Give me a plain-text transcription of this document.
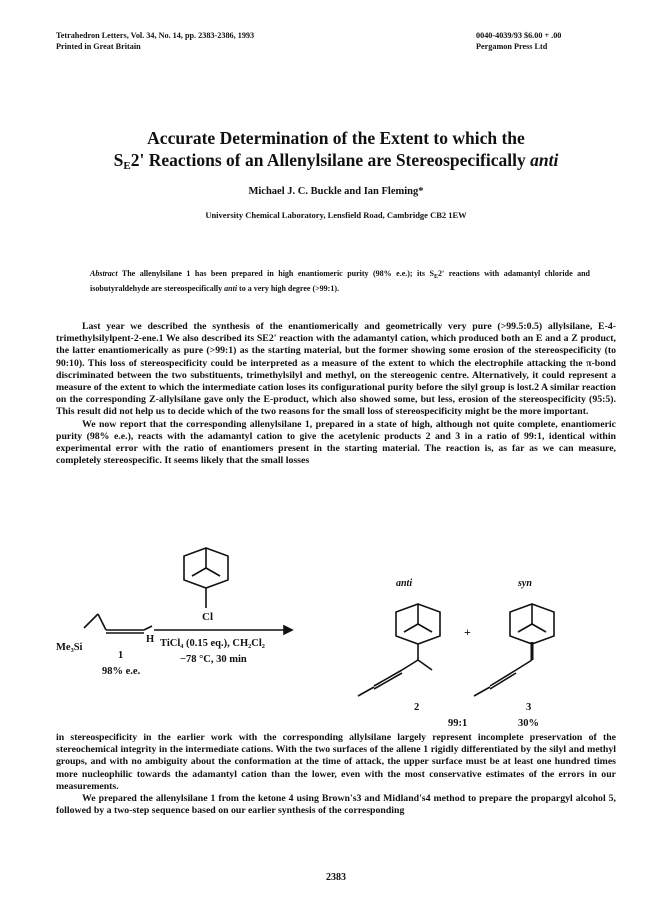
Tetrahedron Letters, Vol. 34, No. 14, pp. 2383-2386, 1993
Printed in Great Britain
0040-4039/93 $6.00 + .00
Pergamon Press Ltd
Accurate Determination of the Extent to which the
$S_E2'$ Reactions of an Allenylsilane are Stereospecifically anti
Michael J. C. Buckle and Ian Fleming*
University Chemical Laboratory, Lensfield Road, Cambridge CB2 1EW
Abstract The allenylsilane 1 has been prepared in high enantiomeric purity (98% e.e.); its $S_E2'$ reactions with adamantyl chloride and isobutyraldehyde are stereospecifically anti to a very high degree (>99:1).

Last year we described the synthesis of the enantiomerically and geometrically very pure (>99.5:0.5) allylsilane, E-4-trimethylsilylpent-2-ene.1 We also described its SE2' reaction with the adamantyl cation, which produced both an E and a Z product, the latter enantiomerically as pure (>99:1) as the starting material, but the former showing some erosion of the stereospecificity (to 90:10). This loss of stereospecificity could be interpreted as a measure of the extent to which the electrophile attacking the π-bond discriminated between the two substituents, trimethylsilyl and methyl, on the stereogenic centre. Alternatively, it could represent a measure of the extent to which the intermediate cation loses its configurational purity before the silyl group is lost.2 A similar reaction on the corresponding Z-allylsilane gave only the E-product, which also showed some, but less, erosion of the stereospecificity (95:5). This result did not help us to decide which of the two reasons for the small loss of stereospecificity might be the more important.

We now report that the corresponding allenylsilane 1, prepared in a state of high, although not quite complete, enantiomeric purity (98% e.e.), reacts with the adamantyl cation to give the acetylenic products 2 and 3 in a ratio of 99:1, identical within experimental error with the ratio of enantiomers present in the starting material. The reaction is, as far as we can measure, completely stereospecific. It seems likely that the small losses

Cl
TiCl₄ (0.15 eq.), CH₂Cl₂
−78 °C, 30 min
Me₃Si
H
1
98% e.e.
anti
2
+
syn
3
99:1	30%

in stereospecificity in the earlier work with the corresponding allylsilane largely represent incomplete preservation of the stereochemical integrity in the intermediate cations. With the two surfaces of the allene 1 rigidly differentiated by the silyl and methyl groups, and with no ambiguity about the conformation at the time of attack, the upper surface must be at least one hundred times more nucleophilic towards the adamantyl cation than the lower, even with the most conservative estimates of the errors in our measurements.

We prepared the allenylsilane 1 from the ketone 4 using Brown's3 and Midland's4 method to prepare the propargyl alcohol 5, followed by a two-step sequence based on our earlier synthesis of the corresponding

2383
